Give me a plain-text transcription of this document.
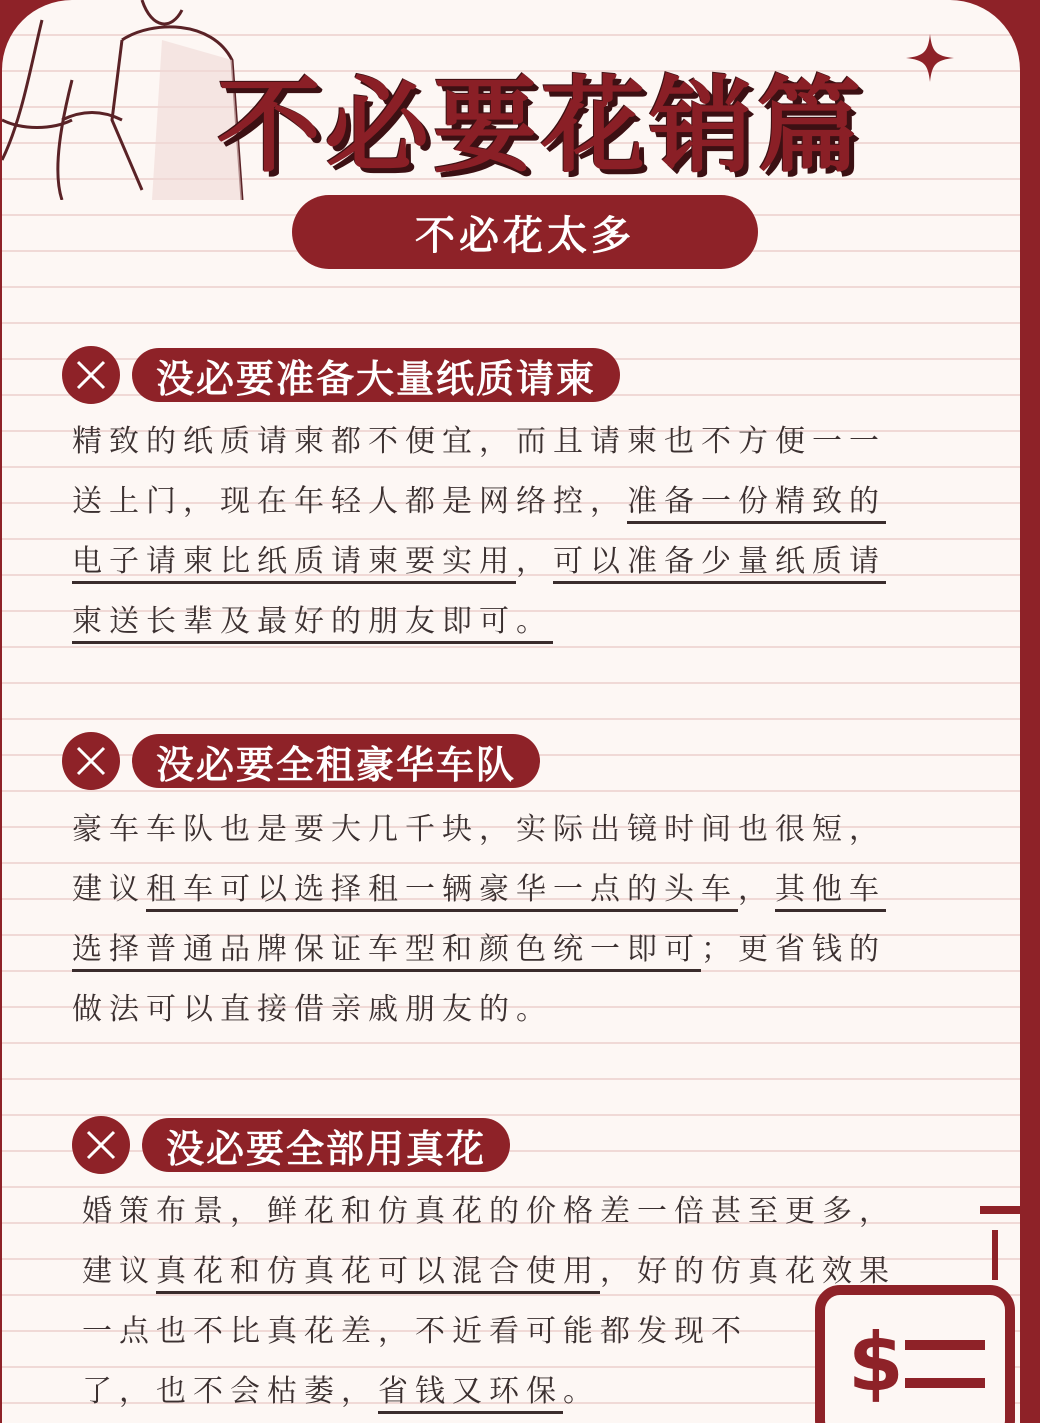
不必要花销篇
不必花太多
没必要准备大量纸质请柬
精致的纸质请柬都不便宜，而且请柬也不方便一一
送上门，现在年轻人都是网络控，准备一份精致的
电子请柬比纸质请柬要实用，可以准备少量纸质请
柬送长辈及最好的朋友即可。
没必要全租豪华车队
豪车车队也是要大几千块，实际出镜时间也很短，
建议租车可以选择租一辆豪华一点的头车，其他车
选择普通品牌保证车型和颜色统一即可；更省钱的
做法可以直接借亲戚朋友的。
没必要全部用真花
婚策布景，鲜花和仿真花的价格差一倍甚至更多，
建议真花和仿真花可以混合使用，好的仿真花效果
一点也不比真花差，不近看可能都发现不
了，也不会枯萎，省钱又环保。	$
